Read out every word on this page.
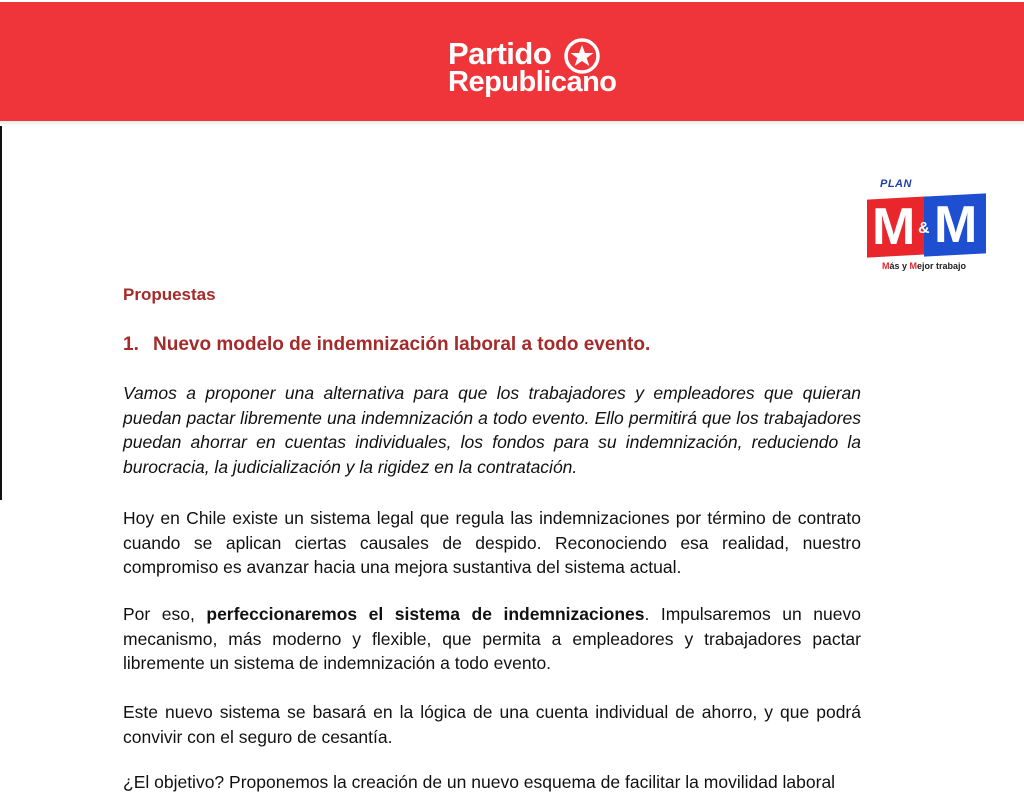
Partido
Republicano
PLAN
M & M
Más y Mejor trabajo
Propuestas
1. Nuevo modelo de indemnización laboral a todo evento.
Vamos a proponer una alternativa para que los trabajadores y empleadores que quieran puedan pactar libremente una indemnización a todo evento. Ello permitirá que los trabajadores puedan ahorrar en cuentas individuales, los fondos para su indemnización, reduciendo la burocracia, la judicialización y la rigidez en la contratación.
Hoy en Chile existe un sistema legal que regula las indemnizaciones por término de contrato cuando se aplican ciertas causales de despido. Reconociendo esa realidad, nuestro compromiso es avanzar hacia una mejora sustantiva del sistema actual.
Por eso, perfeccionaremos el sistema de indemnizaciones. Impulsaremos un nuevo mecanismo, más moderno y flexible, que permita a empleadores y trabajadores pactar libremente un sistema de indemnización a todo evento.
Este nuevo sistema se basará en la lógica de una cuenta individual de ahorro, y que podrá convivir con el seguro de cesantía.
¿El objetivo? Proponemos la creación de un nuevo esquema de facilitar la movilidad laboral
